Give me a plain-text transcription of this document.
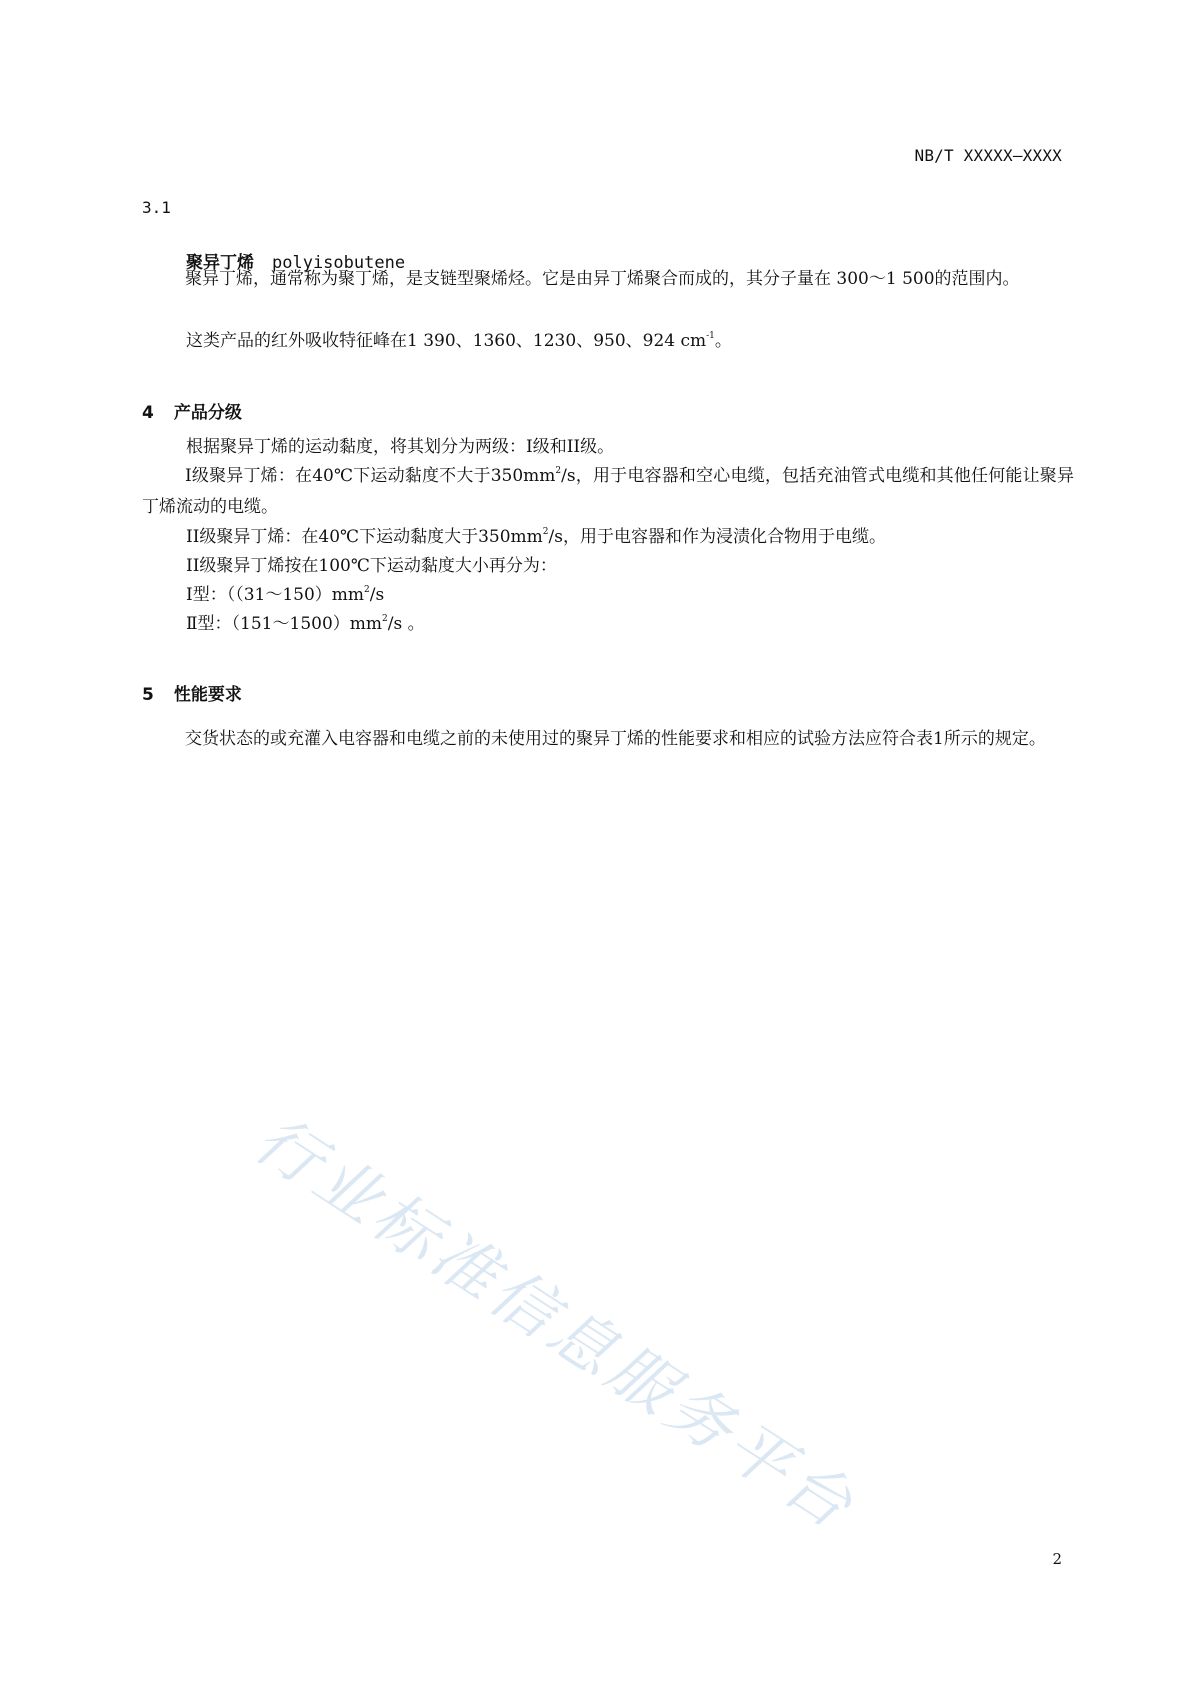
NB/T XXXXX—XXXX
3.1
聚异丁烯 polyisobutene
聚异丁烯，通常称为聚丁烯，是支链型聚烯烃。它是由异丁烯聚合而成的，其分子量在 300～1 500的范围内。
这类产品的红外吸收特征峰在1 390、1360、1230、950、924 $cm^{-1}$。
4 产品分级
根据聚异丁烯的运动黏度，将其划分为两级：I级和II级。
I级聚异丁烯：在40℃下运动黏度不大于$350mm^2/s$，用于电容器和空心电缆，包括充油管式电缆和其他任何能让聚异丁烯流动的电缆。
II级聚异丁烯：在40℃下运动黏度大于$350mm^2/s$，用于电容器和作为浸渍化合物用于电缆。
II级聚异丁烯按在100℃下运动黏度大小再分为：
I型：（$(31\sim 150)mm^2/s$
Ⅱ型：$(151\sim 1500)mm^2/s$ 。
5 性能要求
交货状态的或充灌入电容器和电缆之前的未使用过的聚异丁烯的性能要求和相应的试验方法应符合表1所示的规定。
行业标准信息服务平台
2
